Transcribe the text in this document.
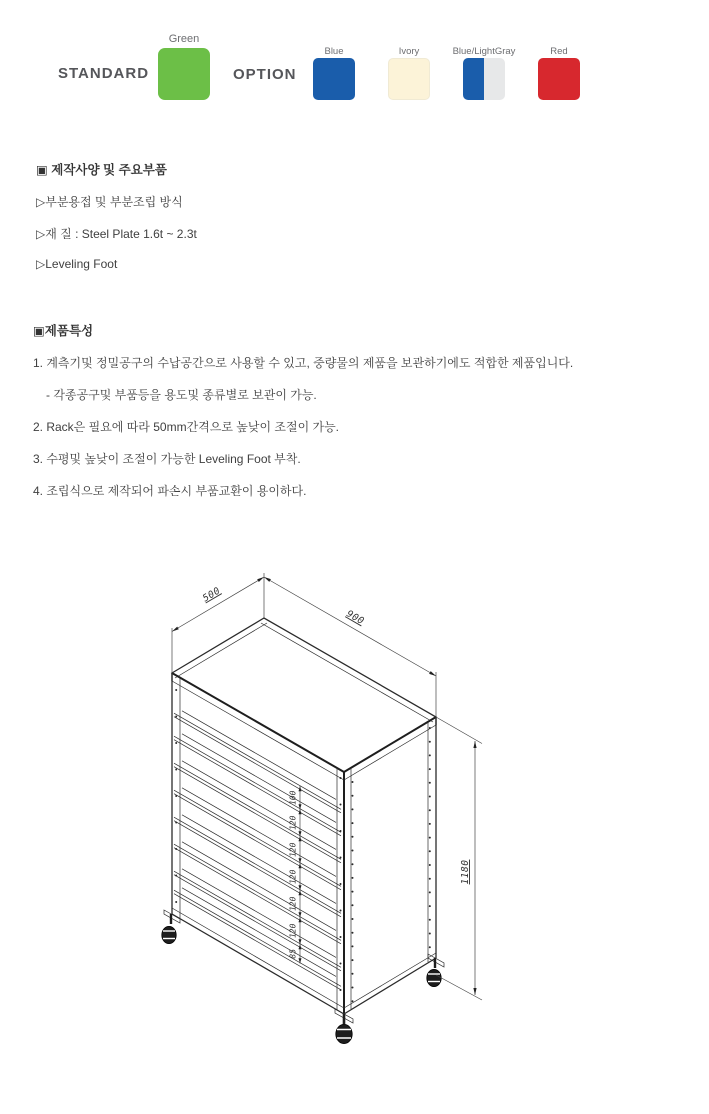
STANDARD
Green
OPTION
Blue	Ivory	Blue/LightGray	Red
▣ 제작사양 및 주요부품
▷부분용접 및 부분조립 방식
▷재 질 : Steel Plate 1.6t ~ 2.3t
▷Leveling Foot
▣제품특성
1. 계측기및 정밀공구의 수납공간으로 사용할 수 있고, 중량물의 제품을 보관하기에도 적합한 제품입니다.
- 각종공구및 부품등을 용도및 종류별로 보관이 가능.
2. Rack은 필요에 따라 50mm간격으로 높낮이 조절이 가능.
3. 수평및 높낮이 조절이 가능한 Leveling Foot 부착.
4. 조립식으로 제작되어 파손시 부품교환이 용이하다.
100
120
120
120
120
120
85
500
900
1180
